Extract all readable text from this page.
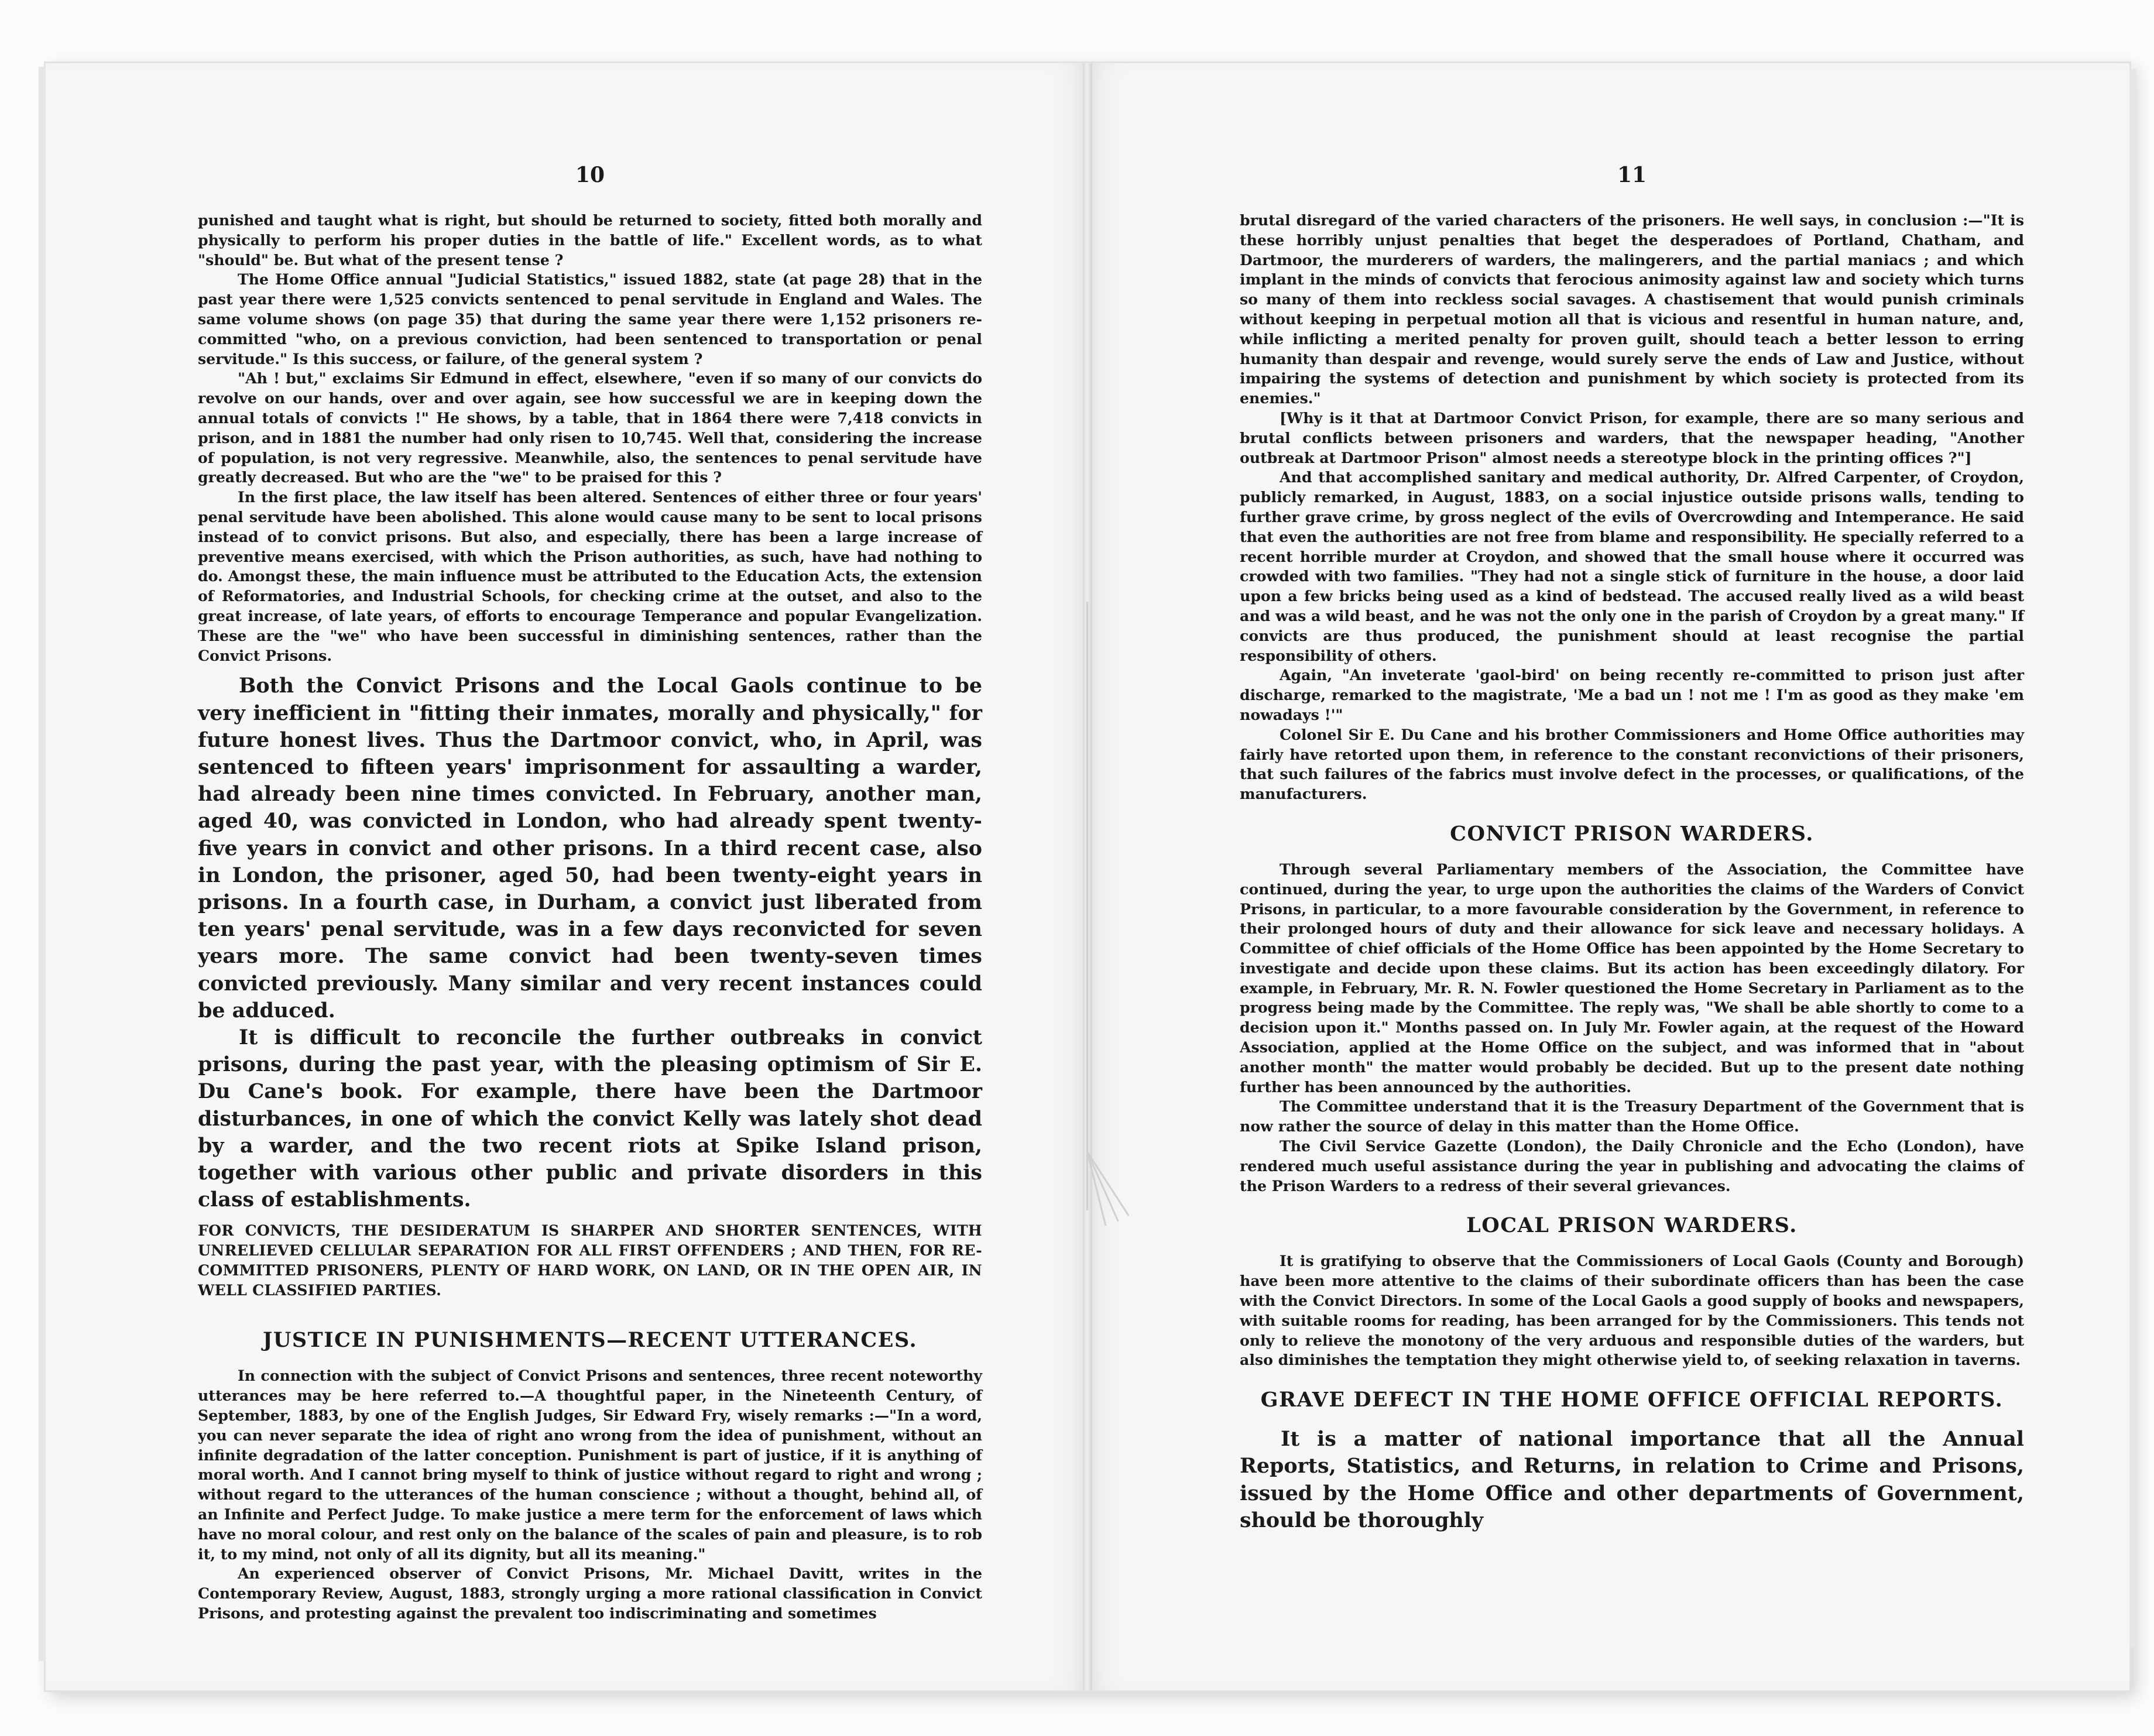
10

punished and taught what is right, but should be returned to society, fitted both morally and physically to perform his proper duties in the battle of life." Excellent words, as to what "should" be. But what of the present tense ?

The Home Office annual "Judicial Statistics," issued 1882, state (at page 28) that in the past year there were 1,525 convicts sentenced to penal servitude in England and Wales. The same volume shows (on page 35) that during the same year there were 1,152 prisoners re-committed "who, on a previous conviction, had been sentenced to transportation or penal servitude." Is this success, or failure, of the general system ?

"Ah ! but," exclaims Sir Edmund in effect, elsewhere, "even if so many of our convicts do revolve on our hands, over and over again, see how successful we are in keeping down the annual totals of convicts !" He shows, by a table, that in 1864 there were 7,418 convicts in prison, and in 1881 the number had only risen to 10,745. Well that, considering the increase of population, is not very regressive. Meanwhile, also, the sentences to penal servitude have greatly decreased. But who are the "we" to be praised for this ?

In the first place, the law itself has been altered. Sentences of either three or four years' penal servitude have been abolished. This alone would cause many to be sent to local prisons instead of to convict prisons. But also, and especially, there has been a large increase of preventive means exercised, with which the Prison authorities, as such, have had nothing to do. Amongst these, the main influence must be attributed to the Education Acts, the extension of Reformatories, and Industrial Schools, for checking crime at the outset, and also to the great increase, of late years, of efforts to encourage Temperance and popular Evangelization. These are the "we" who have been successful in diminishing sentences, rather than the Convict Prisons.

Both the Convict Prisons and the Local Gaols continue to be very inefficient in "fitting their inmates, morally and physically," for future honest lives. Thus the Dartmoor convict, who, in April, was sentenced to fifteen years' imprisonment for assaulting a warder, had already been nine times convicted. In February, another man, aged 40, was convicted in London, who had already spent twenty-five years in convict and other prisons. In a third recent case, also in London, the prisoner, aged 50, had been twenty-eight years in prisons. In a fourth case, in Durham, a convict just liberated from ten years' penal servitude, was in a few days reconvicted for seven years more. The same convict had been twenty-seven times convicted previously. Many similar and very recent instances could be adduced.

It is difficult to reconcile the further outbreaks in convict prisons, during the past year, with the pleasing optimism of Sir E. Du Cane's book. For example, there have been the Dartmoor disturbances, in one of which the convict Kelly was lately shot dead by a warder, and the two recent riots at Spike Island prison, together with various other public and private disorders in this class of establishments.

FOR CONVICTS, THE DESIDERATUM IS SHARPER AND SHORTER SENTENCES, WITH UNRELIEVED CELLULAR SEPARATION FOR ALL FIRST OFFENDERS ; AND THEN, FOR RE-COMMITTED PRISONERS, PLENTY OF HARD WORK, ON LAND, OR IN THE OPEN AIR, IN WELL CLASSIFIED PARTIES.

JUSTICE IN PUNISHMENTS—RECENT UTTERANCES.

In connection with the subject of Convict Prisons and sentences, three recent noteworthy utterances may be here referred to.—A thoughtful paper, in the Nineteenth Century, of September, 1883, by one of the English Judges, Sir Edward Fry, wisely remarks :—"In a word, you can never separate the idea of right ano wrong from the idea of punishment, without an infinite degradation of the latter conception. Punishment is part of justice, if it is anything of moral worth. And I cannot bring myself to think of justice without regard to right and wrong ; without regard to the utterances of the human conscience ; without a thought, behind all, of an Infinite and Perfect Judge. To make justice a mere term for the enforcement of laws which have no moral colour, and rest only on the balance of the scales of pain and pleasure, is to rob it, to my mind, not only of all its dignity, but all its meaning."

An experienced observer of Convict Prisons, Mr. Michael Davitt, writes in the Contemporary Review, August, 1883, strongly urging a more rational classification in Convict Prisons, and protesting against the prevalent too indiscriminating and sometimes

11

brutal disregard of the varied characters of the prisoners. He well says, in conclusion :—"It is these horribly unjust penalties that beget the desperadoes of Portland, Chatham, and Dartmoor, the murderers of warders, the malingerers, and the partial maniacs ; and which implant in the minds of convicts that ferocious animosity against law and society which turns so many of them into reckless social savages. A chastisement that would punish criminals without keeping in perpetual motion all that is vicious and resentful in human nature, and, while inflicting a merited penalty for proven guilt, should teach a better lesson to erring humanity than despair and revenge, would surely serve the ends of Law and Justice, without impairing the systems of detection and punishment by which society is protected from its enemies."

[Why is it that at Dartmoor Convict Prison, for example, there are so many serious and brutal conflicts between prisoners and warders, that the newspaper heading, "Another outbreak at Dartmoor Prison" almost needs a stereotype block in the printing offices ?"]

And that accomplished sanitary and medical authority, Dr. Alfred Carpenter, of Croydon, publicly remarked, in August, 1883, on a social injustice outside prisons walls, tending to further grave crime, by gross neglect of the evils of Overcrowding and Intemperance. He said that even the authorities are not free from blame and responsibility. He specially referred to a recent horrible murder at Croydon, and showed that the small house where it occurred was crowded with two families. "They had not a single stick of furniture in the house, a door laid upon a few bricks being used as a kind of bedstead. The accused really lived as a wild beast and was a wild beast, and he was not the only one in the parish of Croydon by a great many." If convicts are thus produced, the punishment should at least recognise the partial responsibility of others.

Again, "An inveterate 'gaol-bird' on being recently re-committed to prison just after discharge, remarked to the magistrate, 'Me a bad un ! not me ! I'm as good as they make 'em nowadays !'"

Colonel Sir E. Du Cane and his brother Commissioners and Home Office authorities may fairly have retorted upon them, in reference to the constant reconvictions of their prisoners, that such failures of the fabrics must involve defect in the processes, or qualifications, of the manufacturers.

CONVICT PRISON WARDERS.

Through several Parliamentary members of the Association, the Committee have continued, during the year, to urge upon the authorities the claims of the Warders of Convict Prisons, in particular, to a more favourable consideration by the Government, in reference to their prolonged hours of duty and their allowance for sick leave and necessary holidays. A Committee of chief officials of the Home Office has been appointed by the Home Secretary to investigate and decide upon these claims. But its action has been exceedingly dilatory. For example, in February, Mr. R. N. Fowler questioned the Home Secretary in Parliament as to the progress being made by the Committee. The reply was, "We shall be able shortly to come to a decision upon it." Months passed on. In July Mr. Fowler again, at the request of the Howard Association, applied at the Home Office on the subject, and was informed that in "about another month" the matter would probably be decided. But up to the present date nothing further has been announced by the authorities.

The Committee understand that it is the Treasury Department of the Government that is now rather the source of delay in this matter than the Home Office.

The Civil Service Gazette (London), the Daily Chronicle and the Echo (London), have rendered much useful assistance during the year in publishing and advocating the claims of the Prison Warders to a redress of their several grievances.

LOCAL PRISON WARDERS.

It is gratifying to observe that the Commissioners of Local Gaols (County and Borough) have been more attentive to the claims of their subordinate officers than has been the case with the Convict Directors. In some of the Local Gaols a good supply of books and newspapers, with suitable rooms for reading, has been arranged for by the Commissioners. This tends not only to relieve the monotony of the very arduous and responsible duties of the warders, but also diminishes the temptation they might otherwise yield to, of seeking relaxation in taverns.

GRAVE DEFECT IN THE HOME OFFICE OFFICIAL REPORTS.

It is a matter of national importance that all the Annual Reports, Statistics, and Returns, in relation to Crime and Prisons, issued by the Home Office and other departments of Government, should be thoroughly
